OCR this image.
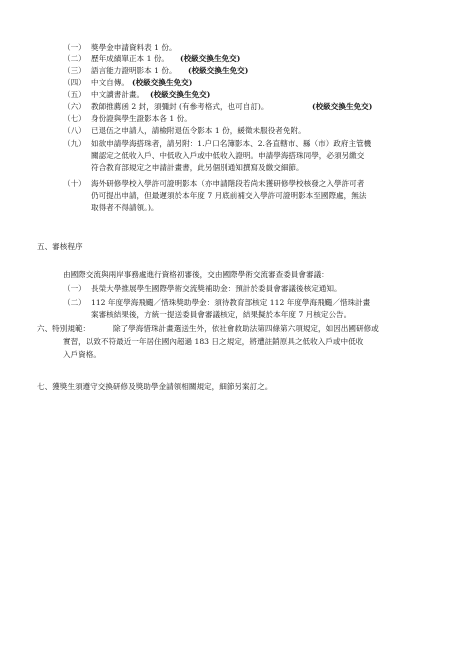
（一） 獎學金申請資料表 1 份。
（二） 歷年成績單正本 1 份。 (校級交換生免交)
（三） 語言能力證明影本 1 份。 (校級交換生免交)
（四） 中文自傳。 (校級交換生免交)
（五） 中文讀書計畫。 (校級交換生免交)
（六） 教師推薦函 2 封，須彌封 (有參考格式，也可自訂)。	(校級交換生免交)
（七） 身份證與學生證影本各 1 份。
（八） 已退伍之申請人，請檢附退伍令影本 1 份，緩徵未服役者免附。
（九） 如欲申請學海搭珠者，請另附：1.户口名簿影本、2.各直轄市、縣（市）政府主管機
關認定之低收入戶、中低收入戶或中低收入證明。申請學海搭珠同學，必須另繳交
符合教育部規定之申請計畫書，此另個別通知撰寫及繳交細節。
（十） 海外研修學校入學許可證明影本（亦申請階段若尚未獲研修學校核發之入學許可者
仍可提出申請，但最遲須於本年度 7 月底前補交入學許可證明影本至國際處，無法
取得者不得請領。)。
五、審核程序
由國際交流與兩岸事務處進行資格初審後，交由國際學術交流審查委員會審議：
（一） 長榮大學推展學生國際學術交流獎補助金：預計於委員會審議後核定通知。
（二） 112 年度學海飛颺／惜珠獎助學金：須待教育部核定 112 年度學海飛颺／惜珠計畫
案審核結果後，方統一提送委員會審議核定，結果擬於本年度 7 月核定公告。
六、特別規範：	除了學海惜珠計畫選送生外，依社會救助法第四條第六項規定，如因出國研修或
實習，以致不符最近一年居住國內超過 183 日之規定，將遭註銷原具之低收入戶或中低收
入戶資格。
七、獲獎生須遵守交換研修及獎助學金請領相關規定，細節另案訂之。
